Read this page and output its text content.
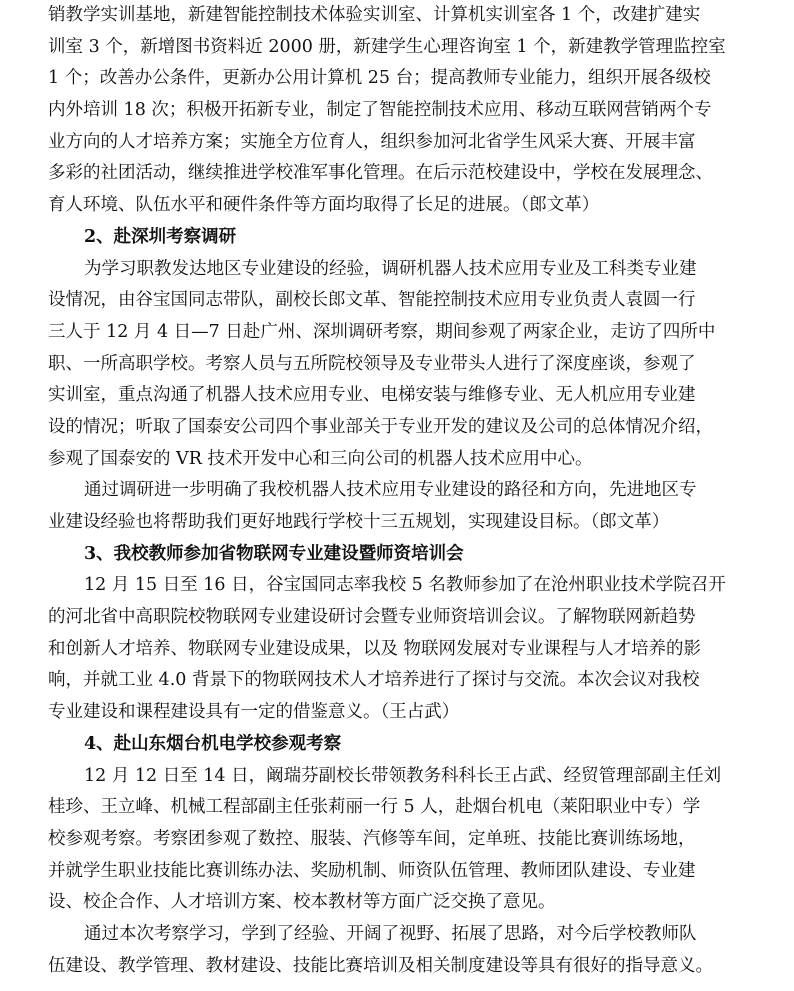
销教学实训基地，新建智能控制技术体验实训室、计算机实训室各 1 个，改建扩建实
训室 3 个，新增图书资料近 2000 册，新建学生心理咨询室 1 个，新建教学管理监控室
1 个；改善办公条件，更新办公用计算机 25 台；提高教师专业能力，组织开展各级校
内外培训 18 次；积极开拓新专业，制定了智能控制技术应用、移动互联网营销两个专
业方向的人才培养方案；实施全方位育人，组织参加河北省学生风采大赛、开展丰富
多彩的社团活动，继续推进学校准军事化管理。在后示范校建设中，学校在发展理念、
育人环境、队伍水平和硬件条件等方面均取得了长足的进展。（郎文革）
2、赴深圳考察调研
为学习职教发达地区专业建设的经验，调研机器人技术应用专业及工科类专业建
设情况，由谷宝国同志带队，副校长郎文革、智能控制技术应用专业负责人袁圆一行
三人于 12 月 4 日—7 日赴广州、深圳调研考察，期间参观了两家企业，走访了四所中
职、一所高职学校。考察人员与五所院校领导及专业带头人进行了深度座谈，参观了
实训室，重点沟通了机器人技术应用专业、电梯安装与维修专业、无人机应用专业建
设的情况；听取了国泰安公司四个事业部关于专业开发的建议及公司的总体情况介绍，
参观了国泰安的 VR 技术开发中心和三向公司的机器人技术应用中心。
通过调研进一步明确了我校机器人技术应用专业建设的路径和方向，先进地区专
业建设经验也将帮助我们更好地践行学校十三五规划，实现建设目标。（郎文革）
3、我校教师参加省物联网专业建设暨师资培训会
12 月 15 日至 16 日，谷宝国同志率我校 5 名教师参加了在沧州职业技术学院召开
的河北省中高职院校物联网专业建设研讨会暨专业师资培训会议。了解物联网新趋势
和创新人才培养、物联网专业建设成果，以及 物联网发展对专业课程与人才培养的影
响，并就工业 4.0 背景下的物联网技术人才培养进行了探讨与交流。本次会议对我校
专业建设和课程建设具有一定的借鉴意义。（王占武）
4、赴山东烟台机电学校参观考察
12 月 12 日至 14 日，阚瑞芬副校长带领教务科科长王占武、经贸管理部副主任刘
桂珍、王立峰、机械工程部副主任张莉丽一行 5 人，赴烟台机电（莱阳职业中专）学
校参观考察。考察团参观了数控、服装、汽修等车间，定单班、技能比赛训练场地，
并就学生职业技能比赛训练办法、奖励机制、师资队伍管理、教师团队建设、专业建
设、校企合作、人才培训方案、校本教材等方面广泛交换了意见。
通过本次考察学习，学到了经验、开阔了视野、拓展了思路，对今后学校教师队
伍建设、教学管理、教材建设、技能比赛培训及相关制度建设等具有很好的指导意义。
